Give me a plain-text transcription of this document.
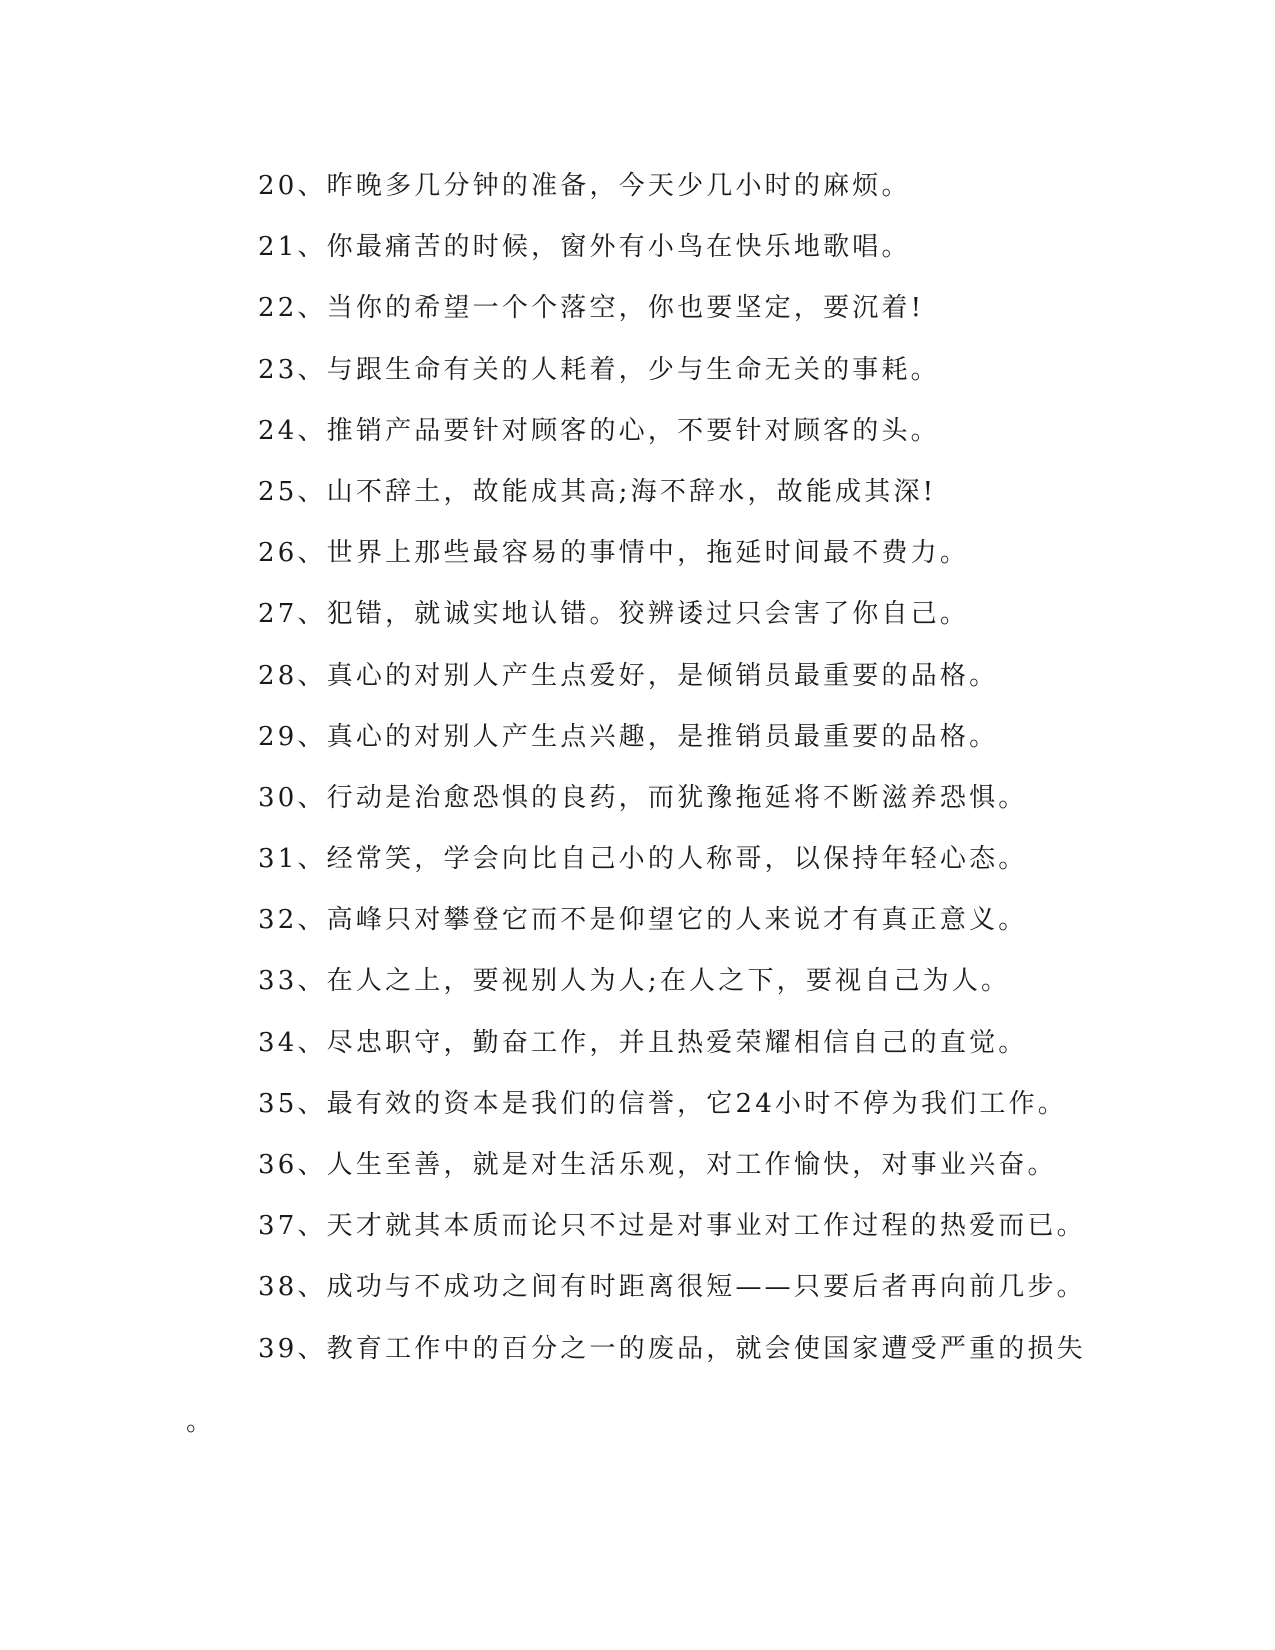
20、昨晚多几分钟的准备，今天少几小时的麻烦。
21、你最痛苦的时候，窗外有小鸟在快乐地歌唱。
22、当你的希望一个个落空，你也要坚定，要沉着!
23、与跟生命有关的人耗着，少与生命无关的事耗。
24、推销产品要针对顾客的心，不要针对顾客的头。
25、山不辞土，故能成其高;海不辞水，故能成其深!
26、世界上那些最容易的事情中，拖延时间最不费力。
27、犯错，就诚实地认错。狡辨诿过只会害了你自己。
28、真心的对别人产生点爱好，是倾销员最重要的品格。
29、真心的对别人产生点兴趣，是推销员最重要的品格。
30、行动是治愈恐惧的良药，而犹豫拖延将不断滋养恐惧。
31、经常笑，学会向比自己小的人称哥，以保持年轻心态。
32、高峰只对攀登它而不是仰望它的人来说才有真正意义。
33、在人之上，要视别人为人;在人之下，要视自己为人。
34、尽忠职守，勤奋工作，并且热爱荣耀相信自己的直觉。
35、最有效的资本是我们的信誉，它24小时不停为我们工作。
36、人生至善，就是对生活乐观，对工作愉快，对事业兴奋。
37、天才就其本质而论只不过是对事业对工作过程的热爱而已。
38、成功与不成功之间有时距离很短——只要后者再向前几步。
39、教育工作中的百分之一的废品，就会使国家遭受严重的损失
。
